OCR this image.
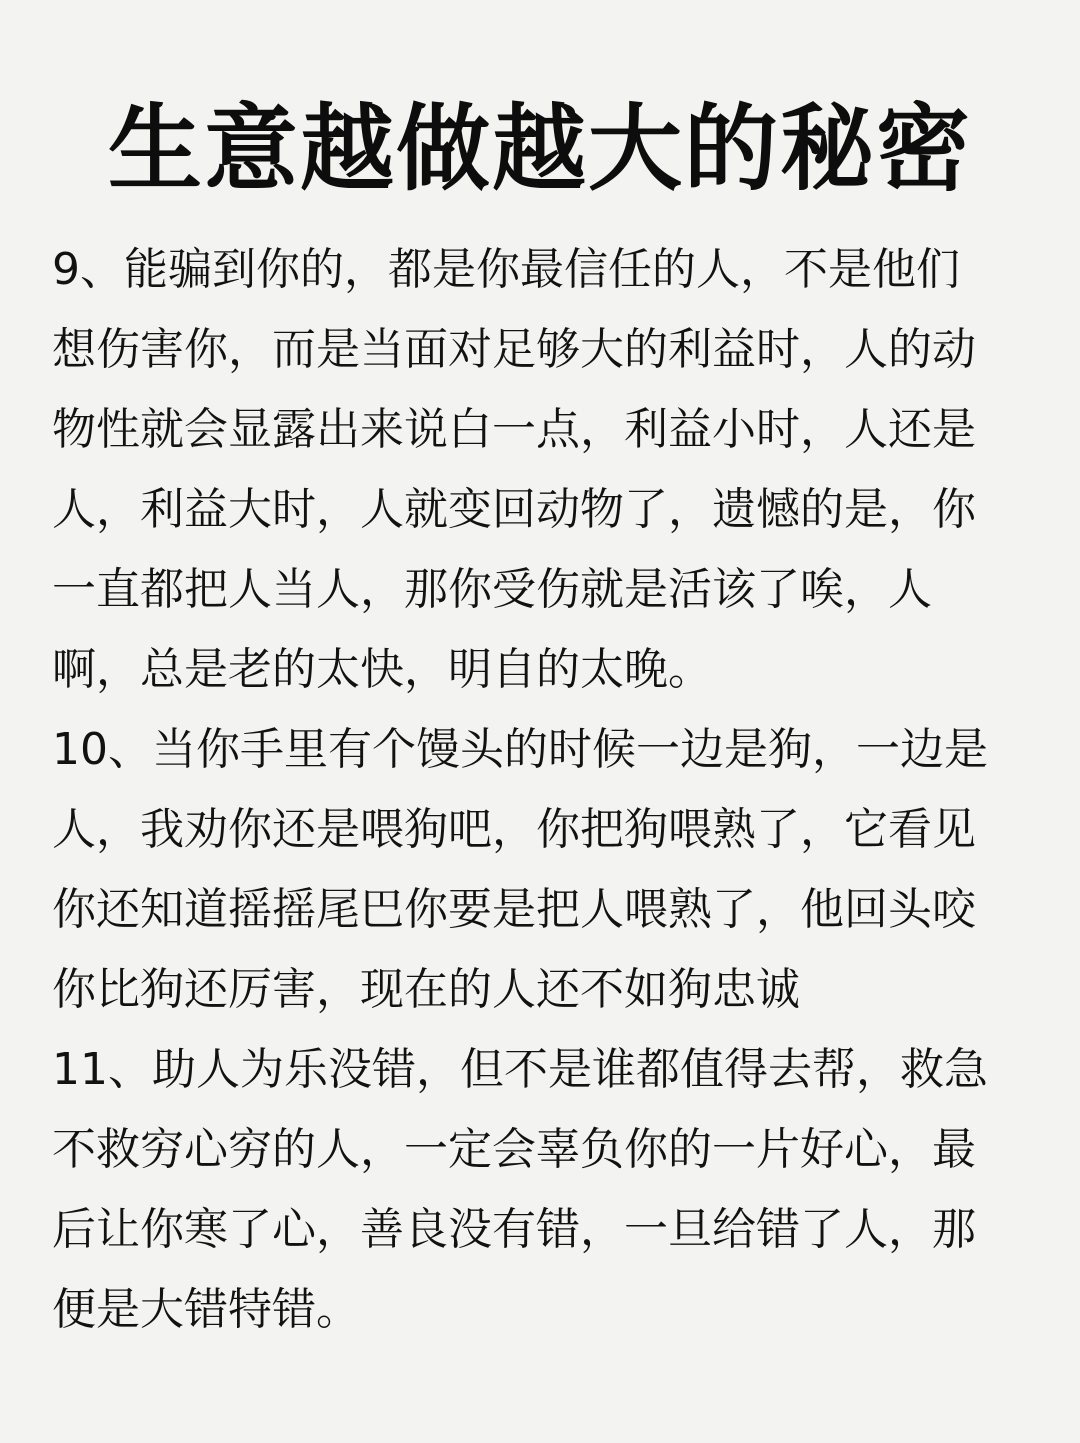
生意越做越大的秘密
9、能骗到你的，都是你最信任的人，不是他们
想伤害你，而是当面对足够大的利益时，人的动
物性就会显露出来说白一点，利益小时，人还是
人，利益大时，人就变回动物了，遗憾的是，你
一直都把人当人，那你受伤就是活该了唉，人
啊，总是老的太快，明自的太晚。
10、当你手里有个馒头的时候一边是狗，一边是
人，我劝你还是喂狗吧，你把狗喂熟了，它看见
你还知道摇摇尾巴你要是把人喂熟了，他回头咬
你比狗还厉害，现在的人还不如狗忠诚
11、助人为乐没错，但不是谁都值得去帮，救急
不救穷心穷的人，一定会辜负你的一片好心，最
后让你寒了心，善良没有错，一旦给错了人，那
便是大错特错。
